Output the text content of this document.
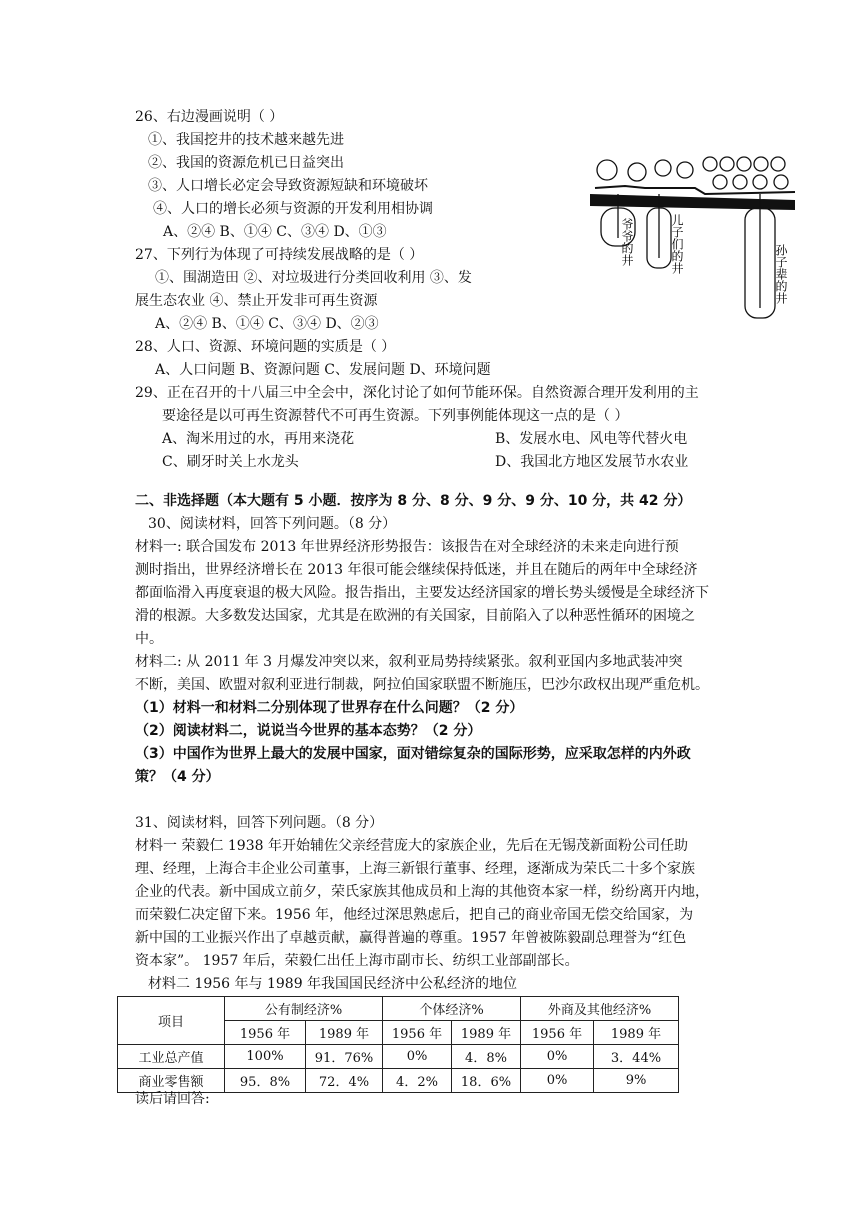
26、右边漫画说明（ ）
①、我国挖井的技术越来越先进
②、我国的资源危机已日益突出
③、人口增长必定会导致资源短缺和环境破坏
④、人口的增长必须与资源的开发利用相协调
A、②④ B、①④ C、③④ D、①③	爷爷的井	儿子们的井	孙子辈的井
27、下列行为体现了可持续发展战略的是（ ）
①、围湖造田 ②、对垃圾进行分类回收利用 ③、发
展生态农业 ④、禁止开发非可再生资源
A、②④ B、①④ C、③④ D、②③
28、人口、资源、环境问题的实质是（ ）
A、人口问题 B、资源问题 C、发展问题 D、环境问题
29、正在召开的十八届三中全会中，深化讨论了如何节能环保。自然资源合理开发利用的主
要途径是以可再生资源替代不可再生资源。下列事例能体现这一点的是（ ）
A、淘米用过的水，再用来浇花	B、发展水电、风电等代替火电
C、刷牙时关上水龙头	D、我国北方地区发展节水农业
二、非选择题（本大题有 5 小题．按序为 8 分、8 分、9 分、9 分、10 分，共 42 分）
30、阅读材料，回答下列问题。（8 分）
材料一: 联合国发布 2013 年世界经济形势报告：该报告在对全球经济的未来走向进行预
测时指出，世界经济增长在 2013 年很可能会继续保持低迷，并且在随后的两年中全球经济
都面临滑入再度衰退的极大风险。报告指出，主要发达经济国家的增长势头缓慢是全球经济下
滑的根源。大多数发达国家，尤其是在欧洲的有关国家，目前陷入了以种恶性循环的困境之
中。
材料二: 从 2011 年 3 月爆发冲突以来，叙利亚局势持续紧张。叙利亚国内多地武装冲突
不断，美国、欧盟对叙利亚进行制裁，阿拉伯国家联盟不断施压，巴沙尔政权出现严重危机。
（1）材料一和材料二分别体现了世界存在什么问题？（2 分）
（2）阅读材料二，说说当今世界的基本态势？（2 分）
（3）中国作为世界上最大的发展中国家，面对错综复杂的国际形势，应采取怎样的内外政
策？（4 分）
31、阅读材料，回答下列问题。（8 分）
材料一 荣毅仁 1938 年开始辅佐父亲经营庞大的家族企业，先后在无锡茂新面粉公司任助
理、经理，上海合丰企业公司董事，上海三新银行董事、经理，逐渐成为荣氏二十多个家族
企业的代表。新中国成立前夕，荣氏家族其他成员和上海的其他资本家一样，纷纷离开内地，
而荣毅仁决定留下来。1956 年，他经过深思熟虑后，把自己的商业帝国无偿交给国家，为
新中国的工业振兴作出了卓越贡献，赢得普遍的尊重。1957 年曾被陈毅副总理誉为“红色
资本家”。 1957 年后，荣毅仁出任上海市副市长、纺织工业部副部长。
材料二 1956 年与 1989 年我国国民经济中公私经济的地位
项目	公有制经济%		个体经济%		外商及其他经济%	
	1956 年	1989 年	1956 年	1989 年	1956 年	1989 年
工业总产值	100%	91．76%	0%	4．8%	0%	3．44%
商业零售额	95．8%	72．4%	4．2%	18．6%	0%	9%
读后请回答:
